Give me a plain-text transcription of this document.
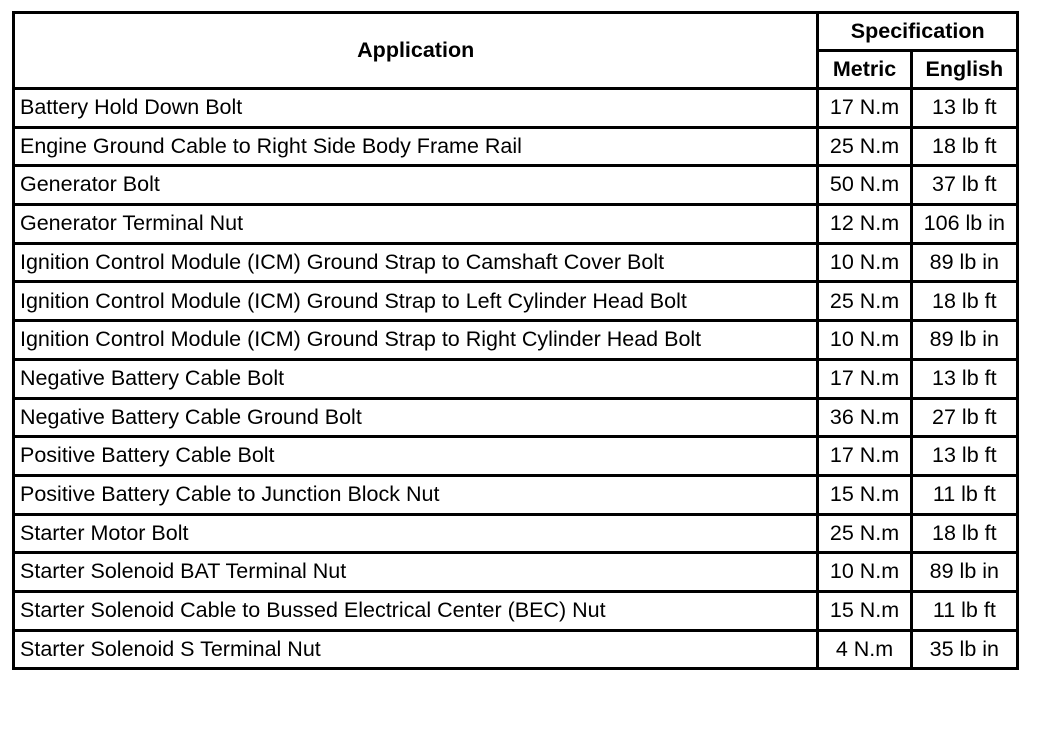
Application	Specification	
	Metric	English
Battery Hold Down Bolt	17 N.m	13 lb ft
Engine Ground Cable to Right Side Body Frame Rail	25 N.m	18 lb ft
Generator Bolt	50 N.m	37 lb ft
Generator Terminal Nut	12 N.m	106 lb in
Ignition Control Module (ICM) Ground Strap to Camshaft Cover Bolt	10 N.m	89 lb in
Ignition Control Module (ICM) Ground Strap to Left Cylinder Head Bolt	25 N.m	18 lb ft
Ignition Control Module (ICM) Ground Strap to Right Cylinder Head Bolt	10 N.m	89 lb in
Negative Battery Cable Bolt	17 N.m	13 lb ft
Negative Battery Cable Ground Bolt	36 N.m	27 lb ft
Positive Battery Cable Bolt	17 N.m	13 lb ft
Positive Battery Cable to Junction Block Nut	15 N.m	11 lb ft
Starter Motor Bolt	25 N.m	18 lb ft
Starter Solenoid BAT Terminal Nut	10 N.m	89 lb in
Starter Solenoid Cable to Bussed Electrical Center (BEC) Nut	15 N.m	11 lb ft
Starter Solenoid S Terminal Nut	4 N.m	35 lb in
